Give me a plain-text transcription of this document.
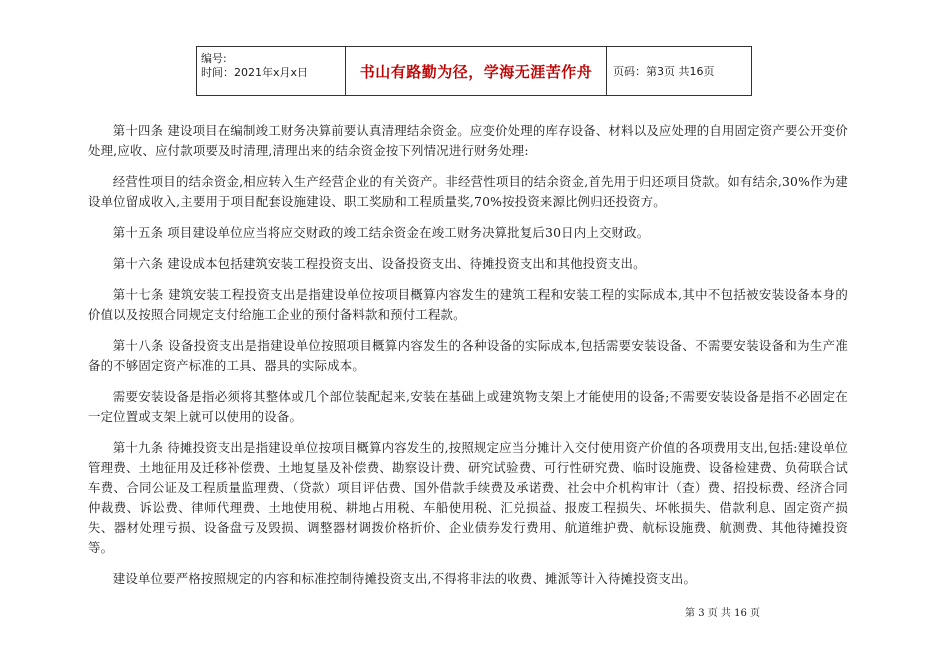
编号:
时间：2021年x月x日	书山有路勤为径，学海无涯苦作舟	页码：第3页 共16页

第十四条 建设项目在编制竣工财务决算前要认真清理结余资金。应变价处理的库存设备、材料以及应处理的自用固定资产要公开变价处理,应收、应付款项要及时清理,清理出来的结余资金按下列情况进行财务处理:

经营性项目的结余资金,相应转入生产经营企业的有关资产。非经营性项目的结余资金,首先用于归还项目贷款。如有结余,30%作为建设单位留成收入,主要用于项目配套设施建设、职工奖励和工程质量奖,70%按投资来源比例归还投资方。

第十五条 项目建设单位应当将应交财政的竣工结余资金在竣工财务决算批复后30日内上交财政。

第十六条 建设成本包括建筑安装工程投资支出、设备投资支出、待摊投资支出和其他投资支出。

第十七条 建筑安装工程投资支出是指建设单位按项目概算内容发生的建筑工程和安装工程的实际成本,其中不包括被安装设备本身的价值以及按照合同规定支付给施工企业的预付备料款和预付工程款。

第十八条 设备投资支出是指建设单位按照项目概算内容发生的各种设备的实际成本,包括需要安装设备、不需要安装设备和为生产准备的不够固定资产标准的工具、器具的实际成本。

需要安装设备是指必须将其整体或几个部位装配起来,安装在基础上或建筑物支架上才能使用的设备;不需要安装设备是指不必固定在一定位置或支架上就可以使用的设备。

第十九条 待摊投资支出是指建设单位按项目概算内容发生的,按照规定应当分摊计入交付使用资产价值的各项费用支出,包括:建设单位管理费、土地征用及迁移补偿费、土地复垦及补偿费、勘察设计费、研究试验费、可行性研究费、临时设施费、设备检建费、负荷联合试车费、合同公证及工程质量监理费、（贷款）项目评估费、国外借款手续费及承诺费、社会中介机构审计（查）费、招投标费、经济合同仲裁费、诉讼费、律师代理费、土地使用税、耕地占用税、车船使用税、汇兑损益、报废工程损失、坏帐损失、借款利息、固定资产损失、器材处理亏损、设备盘亏及毁损、调整器材调拨价格折价、企业债券发行费用、航道维护费、航标设施费、航测费、其他待摊投资等。

建设单位要严格按照规定的内容和标准控制待摊投资支出,不得将非法的收费、摊派等计入待摊投资支出。

第 3 页 共 16 页
